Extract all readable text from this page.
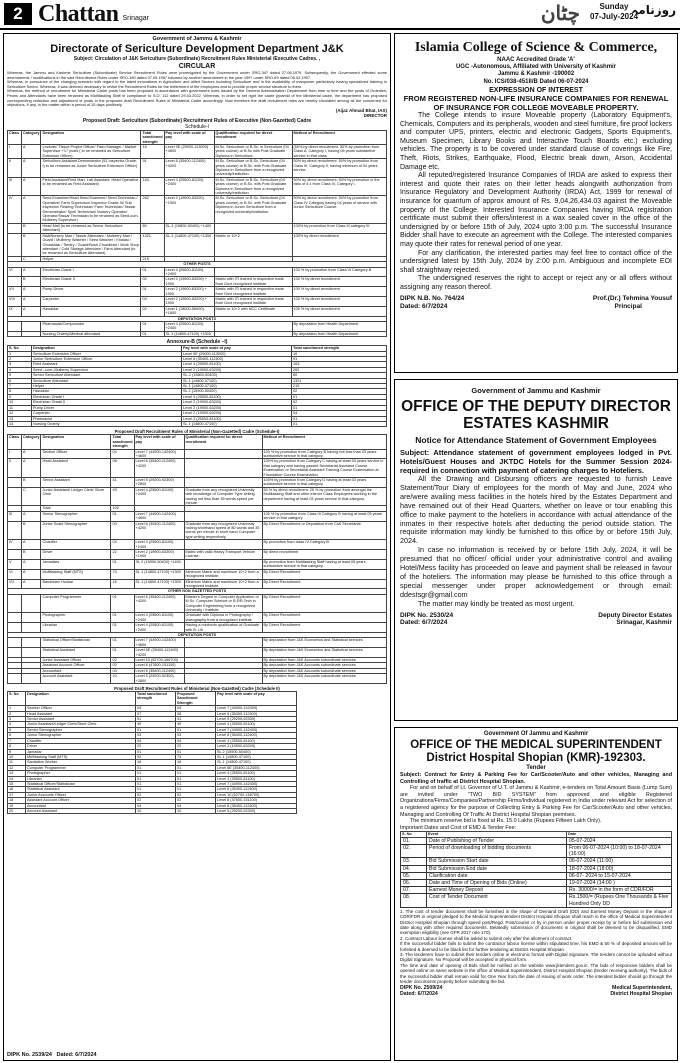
2 Chattan Srinagar	چٹان	Sunday
07-July-2024
روزنامہ
Government of Jammu & Kashmir
Directorate of Sericulture Development Department J&K
Subject: Circulation of J&K Sericulture (Subordinate) Recruitment Rules Ministerial /Executive Cadres. ,
CIRCULAR

Whereas, the Jammu and Kashmir Sericulture (Subordinate) Service Recruitment Rules were promulgated by the Government under SRO-347 dated 27.06.1979. Subsequently, the Government effected some amendments / modifications in the said Recruitment Rules under SRO-180 dated 07.05.1987 followed by another amendment in the year 1997 under SRO-69 dated 06.02.1997.

Whereas, in pursuance of the changing scenario with regard to the latest innovations in Agriculture and allied Sectors including Sericulture and in the availability of manpower particularly having specialized training in Sericulture Sector. Whereas, it was deemed necessary to revise the Recruitment Rules for the betterment of the employees and to provide proper service structure to them.

Whereas, the method of recruitment for Ministerial Cadre posts has been proposed in accordance with government rules issued by the General Administration Department from time to time and the posts of Orderlies, Peons and Attendants have been renamed as Multitasking Staff in compliance to S.O. 112 dated 29.03.2022. Whereas, in order to set right the cadre pyramid of the Ministerial cadre, the department has proposed corresponding reduction and adjustment of posts in the proposed draft Recruitment Rules of Ministerial Cadre accordingly. Now therefore the draft recruitment rules are hereby circulated among all the concerned for objections, if any, in the matter within a period of 15 days positively.

(Aijaz Ahmad Bhat, IAS)
DIRECTOR
Proposed Draft: Sericulture (Subordinate) Recruitment Rules of Executive (Non-Gazetted) Cadre
Schedule-I
Class	Category	Designation	Total sanctioned strength	Pay level with scale of pay	Qualification required for direct recruitment	Method of Recruitment
I	A	Lecturer/ Tissue Project Officer/ Farm Manager / Market Supervisor +17 posts ( to be renamed as Sericulture Extension Officer)	16	Level 9E (29000-113000) +4600	M.Sc. Sericulture or B.Sc. in Sericulture (04 years course) or B.Sc with Post Graduate Diploma in Sericulture.	(50% by direct recruitment. 50% by promotion from Class A, Category I, having 06 years substantive service in that class.
II	A	Sericulture Assistant Demonstrator (51 Inspector-Grade-I) to be renamed as Junior Sericulture Extension Officer)	91	Level 6 (35400-112400) +4200	M.Sc. Sericulture or B.Sc. Sericulture (04 years course) or B.Sc. with Post Graduate Diploma in Sericulture from a recognized university/institution	50% by direct recruitment. 50% by promotion from Class III, Category II, having minimum of 04 years service.
III	A	Field Assistant/Field Man, Lab Assistant, Head Operative to be renamed as Field Assistant)	163	Level 4 (25500-81100) +2400	M.Sc. Sericulture or B.Sc. Sericulture (04 years course) or B.Sc. with Post Graduate Diploma in Sericulture from a recognized university/institution	50% by direct recruitment. 50% by promotion in the ratio of 4:1 from Class IV, Category I.
IV	A	Seed Examiner/Head Seed Examiner/ Seed Technician / Operative/ Farm Supervisor/ Inspector Grade-III/ Sub Inspector/ Rearing Technician/ Farm Technician/ Tassar Demonstrator/ Spell Technician/ Nursery Operator/ Operator/Tassar Technician to be renamed as Seed-cum-Mulberry Supervisor)	262	Level 2 (19900-63200) +1900	M.Sc. Sericulture or B.Sc. Sericulture (04 years course) or B.Sc. with Post Graduate Diploma in Junior Sericulture from a recognized university/institution.	50% by direct recruitment. 50% by promotion from Class IV Category having 04 years of service with Junior Sericulture Course.
	B	Head Mali (to be renamed as Senior Sericulture Attendant)	80	SL-1 (15800-50400) +1400		100% by promotion from Class III category III
	B	Mali/Nursery Man / Tassar Attendant / Mulberry Man / Guard / Mulberry Watcher / Seed Watcher / Khalasi / Chowkidar / Sentry / Guard/Bush Chowkidar / Work Shop attendant / Cold Storage Attendant / Farm Attendant (to be renamed as Sericulture Attendant)	1321	SL-1 (14800-47100) +1300	Matric or 10+2	100% by direct recruitment
	C	Helper	215			
OTHER POSTS						
VI	A	Electrician Grade I	01	Level 4 (25500-81100) +2400		100 % by promotion from Class VI Category B
	B	Electrician Grade II	02	Level 2 (19900-63200) + 1900	Matric with ITI trained in respective trade from Govt recognized Institute	100 % by direct recruitment
VII	A	Pump Driver	01	Level 2 (19900-63200) + 1900	Matric with ITI trained in respective trade from Govt recognized Institute	100 % by direct recruitment
VIII	A	Carpenter	04	Level 2 (19900-63200) + 1900	Matric with ITI trained in respective trade from Govt recognized Institute	100 % by direct recruitment
IX	A	Hawaldar	02	Level 1 (18000-56900) +1800	Matric or 10+2 with NCC Certificate	100 % by direct recruitment
DEPUTATION POSTS						
		Pharmacist/Compounder	01	Level 4 (25500-81100) +2400		By deputation from Health Department
		Nursing Orderly/Medical attendant	01	SL 1 (14800-47100) +1300		By deputation from Health Department
Annexure-B (Schedule –I)
S. No	Designation	Pay level with scale of pay	Total sanctioned strength
1	Sericulture Extension Officer	Level 9E (29000-113000)	16
2	Junior Sericulture Extension Officer	Level 6 (35400-112400)	91
3	Field Assistant	Level 4 (25500-81100)	163
4	Seed –cum–Mulberry Supervisor	Level 2 (19900-63200)	262
5	Senior Sericulture Attendant	SL-1 (15800-50400)	80
6	Sericulture Attendant	SL 1 (14800-47100)	1321
7	Helper	SL 1 (14800-47100)	215
8	Hawaldar	SL 2 (15900-50400)	02
9	Electrician Grade I	Level 4 (25500-81100)	01
10	Electrician Grade II	Level 2 (19900-63200)	02
11	Pump Driver	Level 2 (19900-63200)	01
12	Carpenter	Level 2 (19900-63200)	04
13	Pharmacist	Level 4 (25500-81100)	01
14	Nursing Orderly	SL 1 (14800-47100)	01
Proposed Draft Recruitment Rules of Ministerial (Non-Gazetted) Cadre (Schedule-I)
Class	Category	Designation	Total sanctioned strength	Pay level with scale of pay	Qualification required for direct recruitment	Method of Recruitment
I	A	Section Officer	04	Level 7 (44900-142400) +4600		100 % by promotion from Category B having not less than 03 years substantive service in that category.
II	A	Head Assistant	08	Level 6 (35400-112400) +4200		100% by promotion from Category C having at least 03 years service in that category and having passed Secretariat Assistant Course Examination or Secretariat Assistant Training Course Examination at Foundation Course Examination.
	B	Senior Assistant	41	Level 5 (29200-92300) +2800		100% by promotion from Category D having at least 03 years substantive service in that category.
	C	Junior Assistant/ Ledger Clerk/ Store Clerk	49	Level 4 (25500-81100) +2400	Graduate from any recognized University with knowledge of Computer Type writing having not less than 35 words speed per minute.	50 % by direct recruitment. 25 % by promotion from amongst the Multitasking Staff and other interior Class Employees working in the department having at least 03 years service in that category.
		Total	102			
III	A	Senior Stenographer	01	Level 7 (44900-142400) +4600		100 % by promotion from Class III Category B having at least 05 years service in that category
	B	Junior Scale Stenographer	03	Level 6 (35400-112400) +4200	Graduate from any recognized University having shorthand speed of 80 words and 35 words per minute in short hand Computer type writing respectively.	By Direct Recruitment or Deputation from Civil Secretariat.
IV	A	Chauffer	04	Level 4 (25500-81100) +2400		By promotion from class IV Category B
	B	Driver	22	Level 2 (19900-63200) +1900	Matric with valid Heavy Transport Vehicle License.	By direct recruitment
V	A	Jamadars	01	SL 2 (15900-50400) +1400		By promotion from Multitasking Staff having at least 05 years substantive service in that category.
VI	A	Multitasking Staff (MTS)	74	SL 1 (14800-47100) +1300	Minimum Matric and maximum 10+2 from a recognized institute.	By Direct Recruitment
VII	A	Bandobar/ Hookar	16	SL 1 (14800-47100) +1300	Minimum Matric and maximum 10+2 from a recognized institute.	By Direct Recruitment
OTHER NON GAZETTED POSTS						
		Computer Programmer	01	Level 6 (35400-112400) +4200	Master's Degree in Computer Application or M.Sc. Computer Science or B.E/B.Tech in Computer Engineering from a recognized University / Institute	By Direct Recruitment
		Photographer	01	Level 4 (25500-81100) +2400	Graduate with Diploma in Photography / videography from a recognized institute	By Direct Recruitment
		Librarian	01	Level 4 (25500-81100) +2400	Having a minimum qualification of Graduate with B. Lib	By Direct Recruitment
DEPUTATION POSTS						
		Statistical Officer/Statistician	01	Level 7 (44900-142400) +4600		By deputation from J&K Economics and Statistical services
		Statistical Assistant	01	Level 6E (35400-112400) +4200		By deputation from J&K Economics and Statistical services
		Junior Assistant Officer	02	Level 10 (52700-166700)		By deputation from J&K Accounts subordinate services
		Assistant Account Officer	02	Level 8 (47600-151100)		By deputation from J&K Accounts subordinate services
		Accountant	04	Level 6 (35400-112400)		By deputation from J&K Accounts subordinate services
		Account Assistant	10	Level 5 (29200-92300) +2800		By deputation from J&K Accounts subordinate services
Proposed Draft Recruitment Rules of Ministerial (Non-Gazetted) Cadre (Schedule II)
S. No	Designation	Total sanctioned strength	Proposed Sanctioned Strength	Pay level with scale of pay
1	Section Officer	04	04	Level 7 (44900-142400)
2	Head Assistant	07	08	Level 6 (35400-112400)
3	Senior Assistant	51	41	Level 5 (29200-92300)
4	Junior Assistant/Ledger Clerk/Store Clerk	49	49	Level 4 (25500-81100)
5	Senior Stenographer	01	01	Level 7 (44900-142400)
6	Junior Stenographer	03	03	Level 6 (35400-112400)
7	Chauffer	04	04	Level 4 (25500-81100)
8	Driver	22	22	Level 2 (19900-63200)
9	Jamadar	01	01	SL 2 (15900-50400)
10	Multitasking Staff (MTS)	92	74	SL 1 (14800-47100)
11	Sanitation Worker	16	16	SL 1 (14800-47100)
12	Computer Programmer	01	01	Level 6E (35400-112400)
13	Photographer	01	01	Level 4 (25500-81100)
14	Librarian	01	01	Level 4 (25500-81100)
15	Statistical Officer/Statistician	01	01	Level 7 (44900-142400)
16	Statistical Assistant	01	01	Level 6 (35400-112400)
17	Junior Accounts Officer	02	02	Level 10 (52700-166700)
18	Assistant Account Officer	02	02	Level 8 (47600-151100)
19	Accountant	04	04	Level 6 (35400-112400)
20	Account Assistant	10	10	Level 5 (29200-92300)
DIPK No. 2539/24 Dated: 6/7/2024
Islamia College of Science & Commerce,
NAAC Accredited Grade 'A'
UGC -Autonomous, Affiliated with University of Kashmir
Jammu & Kashmir -190002
No. ICS/038-451II/B Dated 06-07-2024
EXPRESSION OF INTEREST
FROM REGISTERED NON-LIFE INSURANCE COMPANIES FOR RENEWAL OF INSURANCE FOR COLLEGE MOVEABLE PROPERTY.

The College intends to insure Moveable property (Laboratory Equipment's, Chemicals, Computers and its peripherals, wooden and steel furniture, fire proof lockers and computer UPS, printers, electric and electronic Gadgets, Sports Equipment's, Museum Specimen, Library Books and Interactive Touch Boards etc.) excluding vehicles. The property is to be covered under standard clause of coverings like Fire, Theft, Riots, Strikes, Earthquake, Flood, Electric break down, Arson, Accidental Damage etc.

All reputed/registered Insurance Companies of IRDA are asked to express their interest and quote their rates on their letter heads alongwith authorization from Insurance Regulatory and Development Authority (IRDA) Act, 1999 for renewal of insurance for quantum of approx amount of Rs. 9,04,26,434.03 against the Moveable property of the College. Interested Insurance Companies having IRDA registration certificate must submit their offers/interest in a wax sealed cover in the office of the undersigned by or before 15th of July, 2024 upto 3:00 p.m. The successful Insurance Bidder shall have to execute an agreement with the College. The interested companies may quote their rates for renewal period of one year.

For any clarification, the interested parties may feel free to contact office of the undersigned latest by 15th July, 2024 by 2:00 p.m. Ambiguous and incomplete EOI shall straightway rejected.

The undersigned reserves the right to accept or reject any or all offers without assigning any reason thereof.

DIPK N.B. No. 764/24	Prof.(Dr.) Tehmina Yousuf
Dated: 6/7/2024	Principal
Government of Jammu and Kashmir
OFFICE OF THE DEPUTY DIRECTOR ESTATES KASHMIR
Notice for Attendance Statement of Government Employees

Subject: Attendance statement of government employees lodged in Pvt. Hotels/Guest Houses and JKTDC Hotels for the Summer Session 2024-required in connection with payment of catering charges to Hoteliers.

All the Drawing and Disbursing officers are requested to furnish Leave Statement/Tour Diary of employees for the month of May and June, 2024 who are/were availing mess facilities in the hotels hired by the Estates Department and have remained out of their Head Quarters, whether on leave or tour enabling this office to make payment to the hoteliers in accordance with actual attendance of the inmates in their respective hotels after deducting the period outside station. The requisite information may kindly be furnished to this office by or before 15th July, 2024.

In case no information is received by or before 15th July, 2024, it will be presumed that no officer/ official under your administrative control and availing Hotel/Mess facility has proceeded on leave and payment shall be released in favour of the hoteliers. The information may please be furnished to this office through a special messenger under proper acknowledgement or through email: ddestsgr@gmail.com

The matter may kindly be treated as most urgent.

DIPK No. 2530/24	Deputy Director Estates
Dated: 6/7/2024	Srinagar, Kashmir
Government Of Jammu and Kashmir
OFFICE OF THE MEDICAL SUPERINTENDENT District Hospital Shopian (KMR)-192303.
Tender

Subject: Contract for Entry & Parking Fee for Car/Scooter/Auto and other vehicles, Managing and Controlling of traffic at District Hospital Shopian.

For and on behalf of Lt. Governor of U.T. of Jammu & Kashmir, e-tenders on Total Amount Basis (Lump Sum) are invited under "TWO BID SYSTEM" from approved and eligible Registered Organizations/Firms/Companies/Partnership Firms/Individual registered in India under relevant Act for selection of a registered agency for the purpose of Collecting Entry & Parking Fee for Car/Scooter/Auto and other vehicles, Managing and Controlling Of Traffic At District Hospital Shopian premises.

The minimum reserve bid is fixed at Rs. 15.0 Lakhs (Rupees Fifteen Lakh Only).

Important Dates and Cost of EMD & Tender Fee:

S. No	Event	Date
01.	Date of Publishing of Tender	05-07-2024
02.	Period of downloading of bidding documents	From 06-07-2024 (10:00) to 18-07-2024 (16:00)
03.	Bid Submission Start date	06-07-2024 (11:00)
04.	Bid Submission End date	18-07-2024 (18:00)
05.	Clarification date	06-07- 2024 to 15-07-2024
06.	Date and Time of Opening of Bids (Online)	19-07-2024 (14:00 )
07.	Earnest Money Deposit	Rs. 30000/= in the form of CDR/FDR
08.	Cost of Tender Document	Rs.1500/= (Rupees One Thousands & Five Hundred Only DD

1. The cost of tender document shall be furnished in the shape of Demand Draft (DD) and Earnest Money Deposit in the shape of CDR/FDR in original pledged to the Medical Superintendent District Hospital Shopian shall reach in the office of Medical Superintendent District Hospital Shopian through speed post/Regd. Post/courier or by in person under proper receipt by or before bid submission end date along with other required documents. Belatedly submission of documents in original shall be deemed to be disqualified. EMD exemption eligibility (see GFR 2017 rule 170).

2. Contract Labour license shall be asked to submit only after the allotment of contract.

If the successful bidder fails to submit the contractor labour license within stipulated time, his EMD & 50 % of deposited amount will be forfeited & deemed to be black list for further tendering at District Hospital Shopian.

3. The tenderers have to submit their tenders online in electronic format with Digital Signature. The tenders cannot be uploaded without Digital Signature. No Proposal will be accepted in physical form.

The time and date of opening of Bids shall be notified on the website www.jktenders.gov.in. The bids of responsive bidders shall be opened online on same website in the office of Medical Superintendent, District Hospital Shopian (tender receiving authority). The bids of the successful bidder shall remain valid for One Year from the date of issuing of work order. The intended bidder should go through the tender documents properly before submitting the bid.

DIPK No. 2509/24	Medical Superintendent,
Dated: 6/7/2024	District Hospital Shopian
